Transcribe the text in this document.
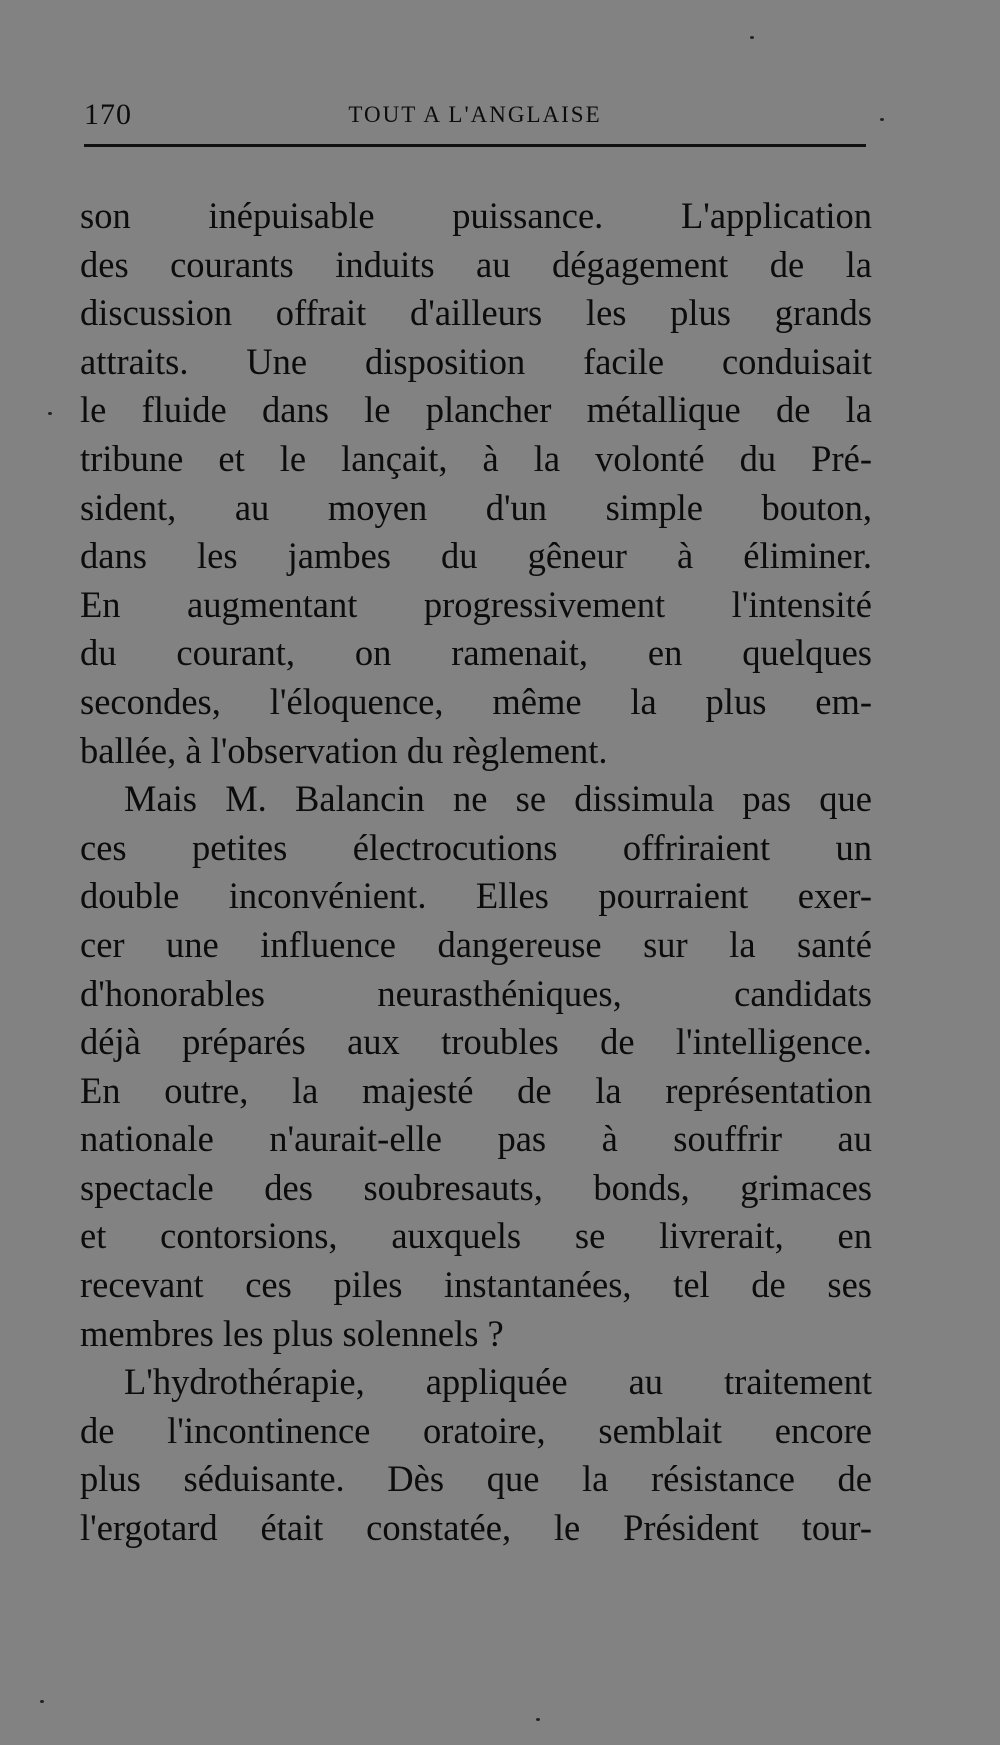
170	TOUT A L'ANGLAISE
son inépuisable puissance. L'application
des courants induits au dégagement de la
discussion offrait d'ailleurs les plus grands
attraits. Une disposition facile conduisait
le fluide dans le plancher métallique de la
tribune et le lançait, à la volonté du Pré-
sident, au moyen d'un simple bouton,
dans les jambes du gêneur à éliminer.
En augmentant progressivement l'intensité
du courant, on ramenait, en quelques
secondes, l'éloquence, même la plus em-
ballée, à l'observation du règlement.
Mais M. Balancin ne se dissimula pas que
ces petites électrocutions offriraient un
double inconvénient. Elles pourraient exer-
cer une influence dangereuse sur la santé
d'honorables neurasthéniques, candidats
déjà préparés aux troubles de l'intelligence.
En outre, la majesté de la représentation
nationale n'aurait-elle pas à souffrir au
spectacle des soubresauts, bonds, grimaces
et contorsions, auxquels se livrerait, en
recevant ces piles instantanées, tel de ses
membres les plus solennels ?
L'hydrothérapie, appliquée au traitement
de l'incontinence oratoire, semblait encore
plus séduisante. Dès que la résistance de
l'ergotard était constatée, le Président tour-
